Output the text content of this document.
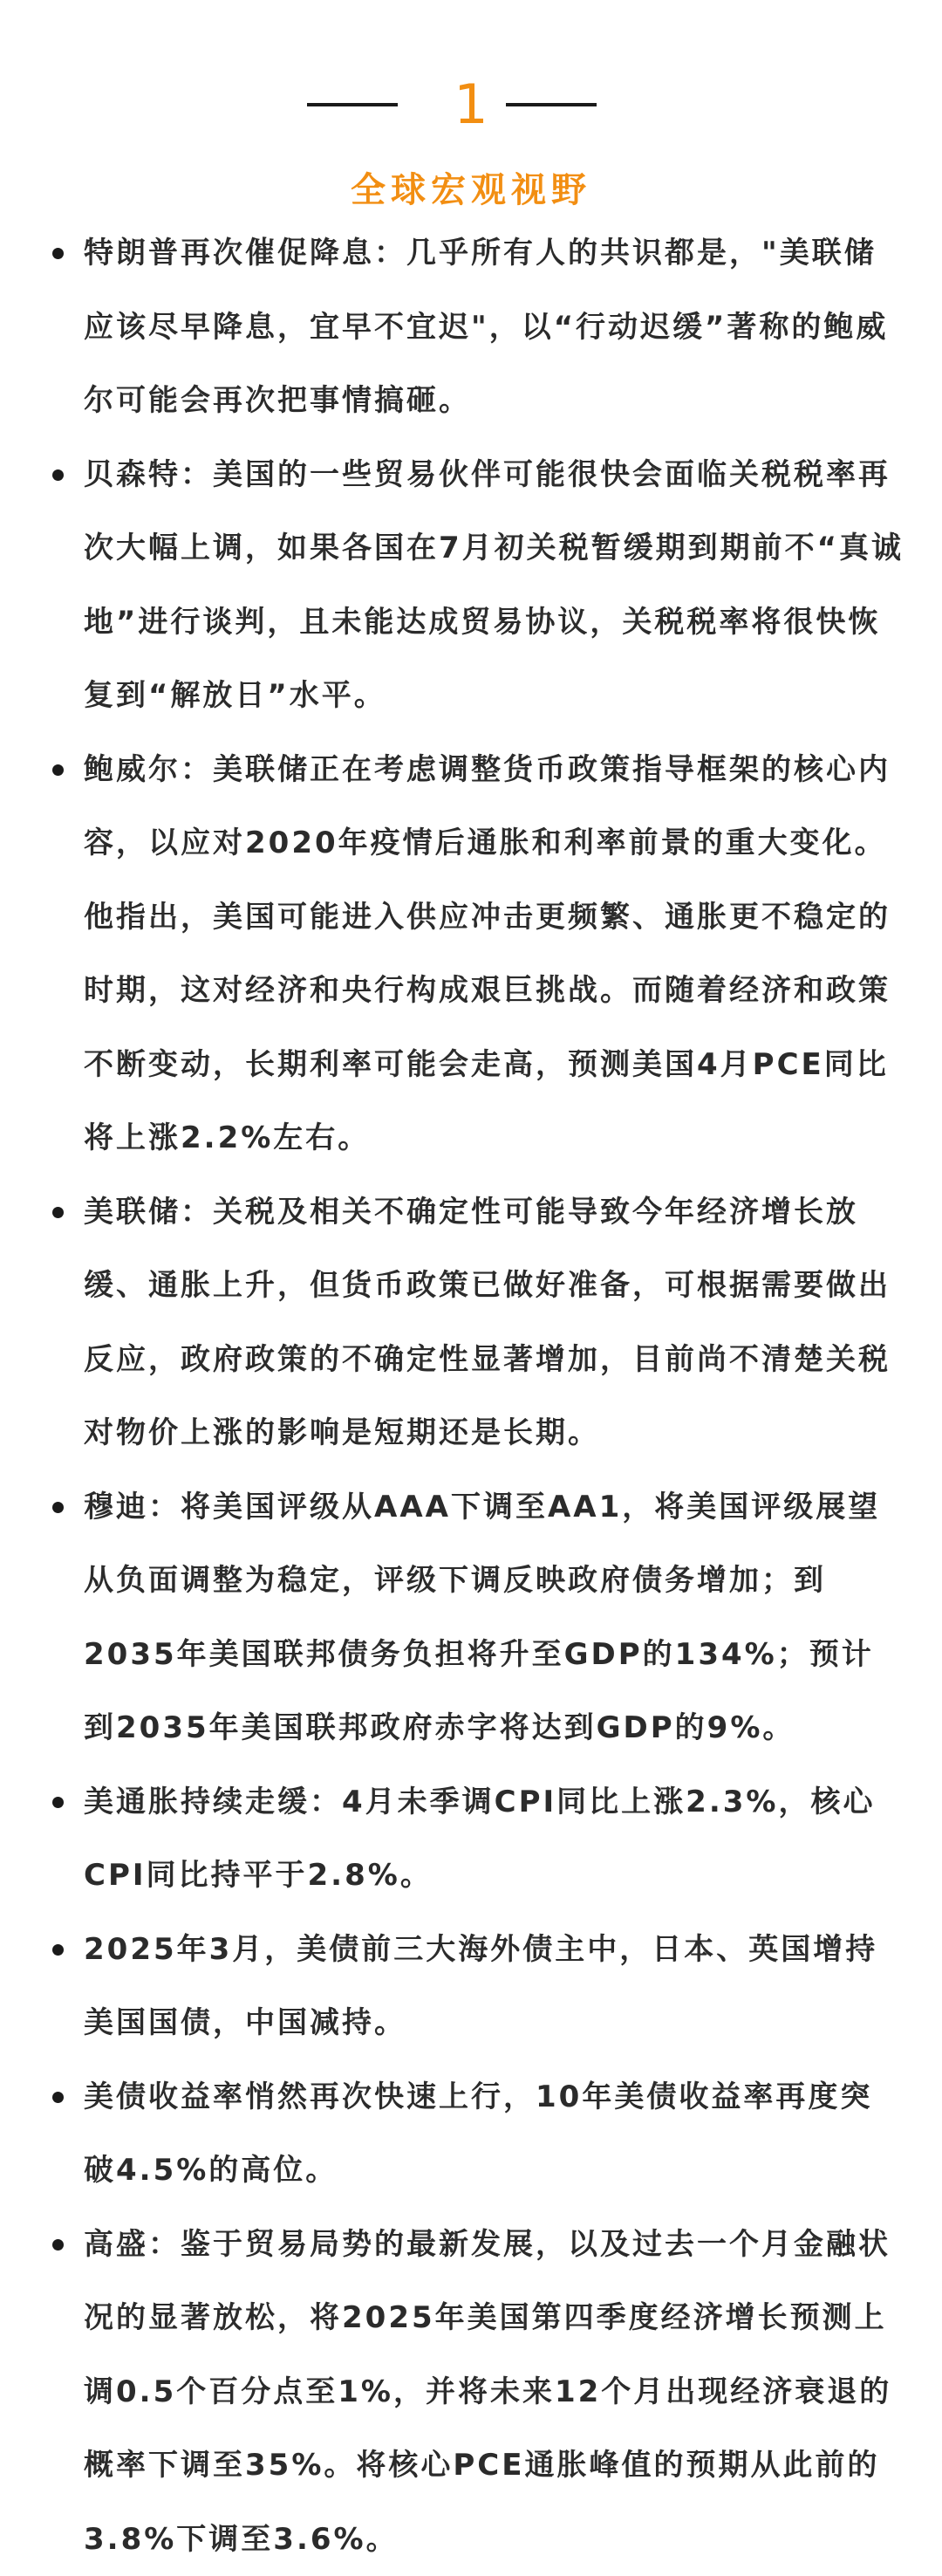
1
全球宏观视野
特朗普再次催促降息：几乎所有人的共识都是，"美联储应该尽早降息，宜早不宜迟"，以“行动迟缓”著称的鲍威尔可能会再次把事情搞砸。
贝森特：美国的一些贸易伙伴可能很快会面临关税税率再次大幅上调，如果各国在7月初关税暂缓期到期前不“真诚地”进行谈判，且未能达成贸易协议，关税税率将很快恢复到“解放日”水平。
鲍威尔：美联储正在考虑调整货币政策指导框架的核心内容，以应对2020年疫情后通胀和利率前景的重大变化。他指出，美国可能进入供应冲击更频繁、通胀更不稳定的时期，这对经济和央行构成艰巨挑战。而随着经济和政策不断变动，长期利率可能会走高，预测美国4月PCE同比将上涨2.2%左右。
美联储：关税及相关不确定性可能导致今年经济增长放缓、通胀上升，但货币政策已做好准备，可根据需要做出反应，政府政策的不确定性显著增加，目前尚不清楚关税对物价上涨的影响是短期还是长期。
穆迪：将美国评级从AAA下调至AA1，将美国评级展望从负面调整为稳定，评级下调反映政府债务增加；到2035年美国联邦债务负担将升至GDP的134%；预计到2035年美国联邦政府赤字将达到GDP的9%。
美通胀持续走缓：4月未季调CPI同比上涨2.3%，核心CPI同比持平于2.8%。
2025年3月，美债前三大海外债主中，日本、英国增持美国国债，中国减持。
美债收益率悄然再次快速上行，10年美债收益率再度突破4.5%的高位。
高盛：鉴于贸易局势的最新发展，以及过去一个月金融状况的显著放松，将2025年美国第四季度经济增长预测上调0.5个百分点至1%，并将未来12个月出现经济衰退的概率下调至35%。将核心PCE通胀峰值的预期从此前的3.8%下调至3.6%。
